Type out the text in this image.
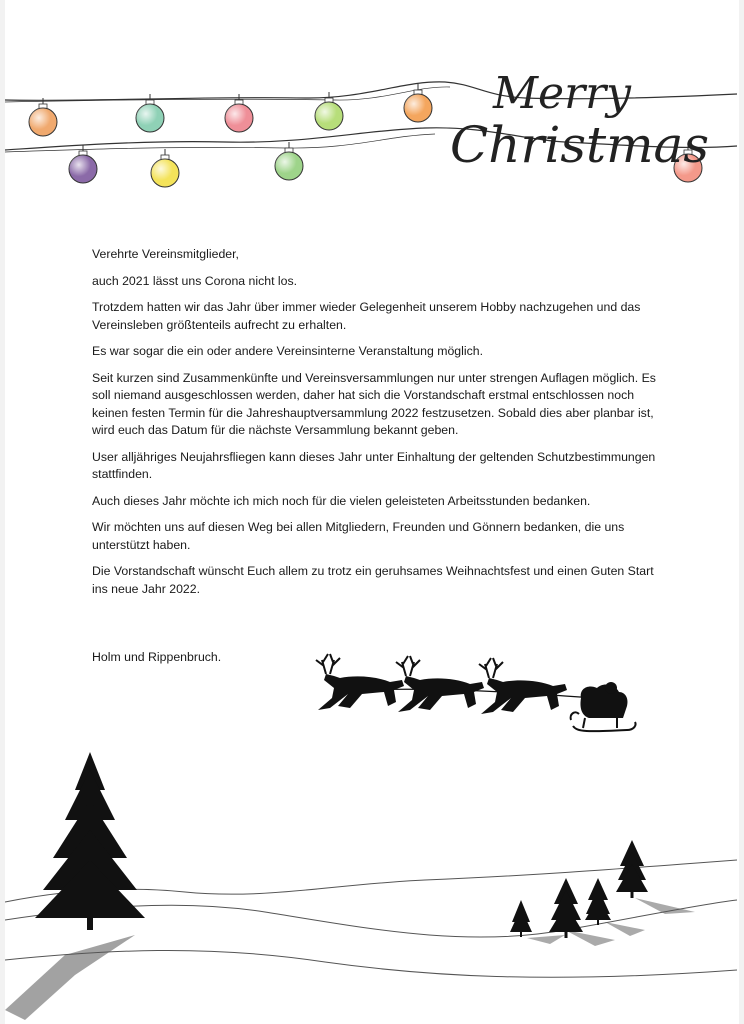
Merry
Christmas

Verehrte Vereinsmitglieder,

auch 2021 lässt uns Corona nicht los.

Trotzdem hatten wir das Jahr über immer wieder Gelegenheit unserem Hobby nachzugehen und das Vereinsleben größtenteils aufrecht zu erhalten.

Es war sogar die ein oder andere Vereinsinterne Veranstaltung möglich.

Seit kurzen sind Zusammenkünfte und Vereinsversammlungen nur unter strengen Auflagen möglich. Es soll niemand ausgeschlossen werden, daher hat sich die Vorstandschaft erstmal entschlossen noch keinen festen Termin für die Jahreshauptversammlung 2022 festzusetzen. Sobald dies aber planbar ist, wird euch das Datum für die nächste Versammlung bekannt geben.

User alljähriges Neujahrsfliegen kann dieses Jahr unter Einhaltung der geltenden Schutzbestimmungen stattfinden.

Auch dieses Jahr möchte ich mich noch für die vielen geleisteten Arbeitsstunden bedanken.

Wir möchten uns auf diesen Weg bei allen Mitgliedern, Freunden und Gönnern bedanken, die uns unterstützt haben.

Die Vorstandschaft wünscht Euch allem zu trotz ein geruhsames Weihnachtsfest und einen Guten Start ins neue Jahr 2022.

Holm und Rippenbruch.
